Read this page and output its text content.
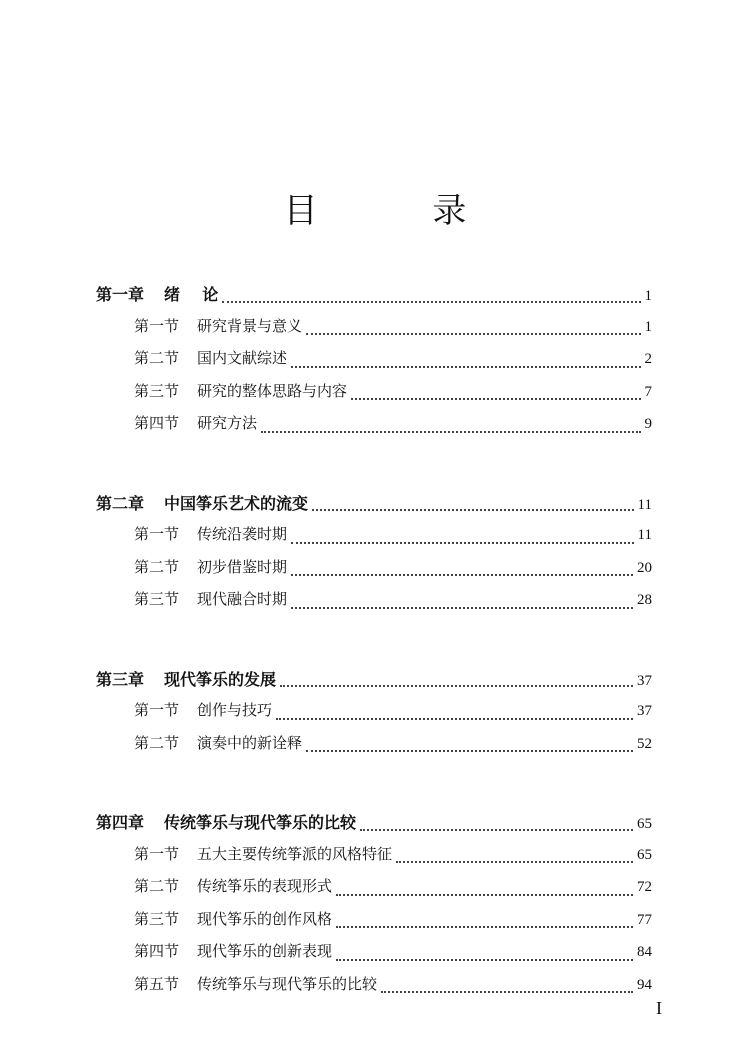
目 录
第一章 绪    论	1
第一节 研究背景与意义	1
第二节 国内文献综述	2
第三节 研究的整体思路与内容	7
第四节 研究方法	9
第二章 中国筝乐艺术的流变	11
第一节 传统沿袭时期	11
第二节 初步借鉴时期	20
第三节 现代融合时期	28
第三章 现代筝乐的发展	37
第一节 创作与技巧	37
第二节 演奏中的新诠释	52
第四章 传统筝乐与现代筝乐的比较	65
第一节 五大主要传统筝派的风格特征	65
第二节 传统筝乐的表现形式	72
第三节 现代筝乐的创作风格	77
第四节 现代筝乐的创新表现	84
第五节 传统筝乐与现代筝乐的比较	94
I
